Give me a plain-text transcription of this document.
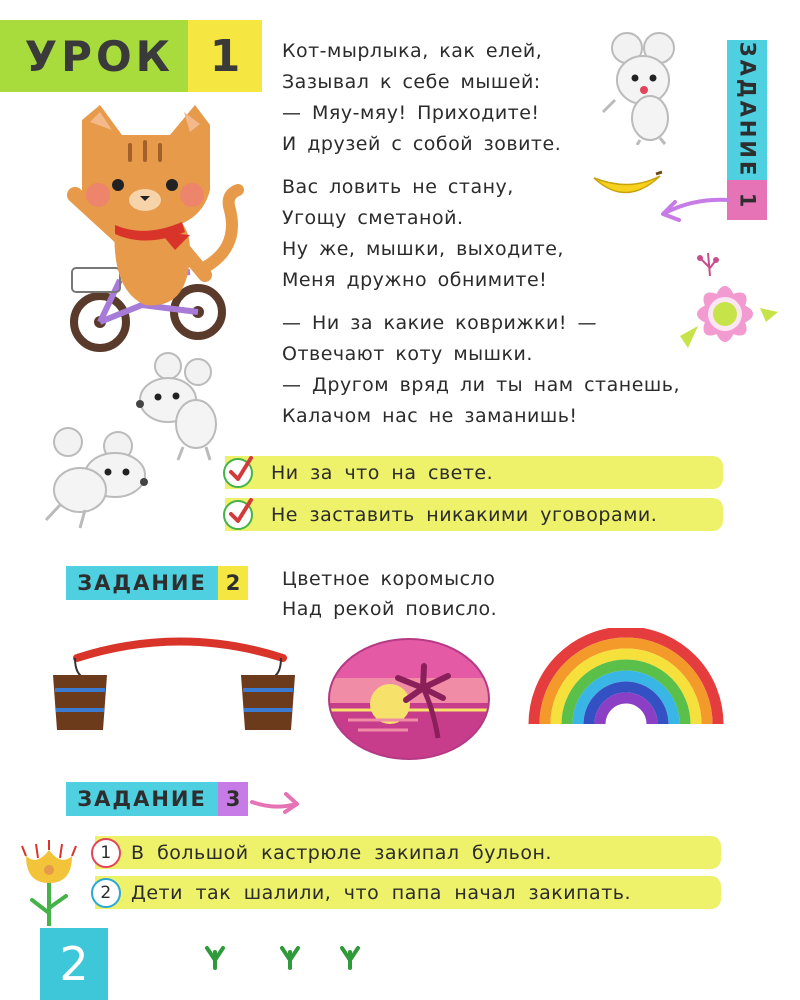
УРОК 1	Кот-мырлыка, как елей,
Зазывал к себе мышей:
— Мяу-мяу! Приходите!
И друзей с собой зовите.
Вас ловить не стану,
Угощу сметаной.
Ну же, мышки, выходите,
Меня дружно обнимите!
— Ни за какие коврижки! —
Отвечают коту мышки.
— Другом вряд ли ты нам станешь,
Калачом нас не заманишь!
ЗАДАНИЕ
1
Ни за что на свете.
Не заставить никакими уговорами.
ЗАДАНИЕ 2	Цветное коромысло
Над рекой повисло.
ЗАДАНИЕ 3
1	В большой кастрюле закипал бульон.
2	Дети так шалили, что папа начал закипать.
2
